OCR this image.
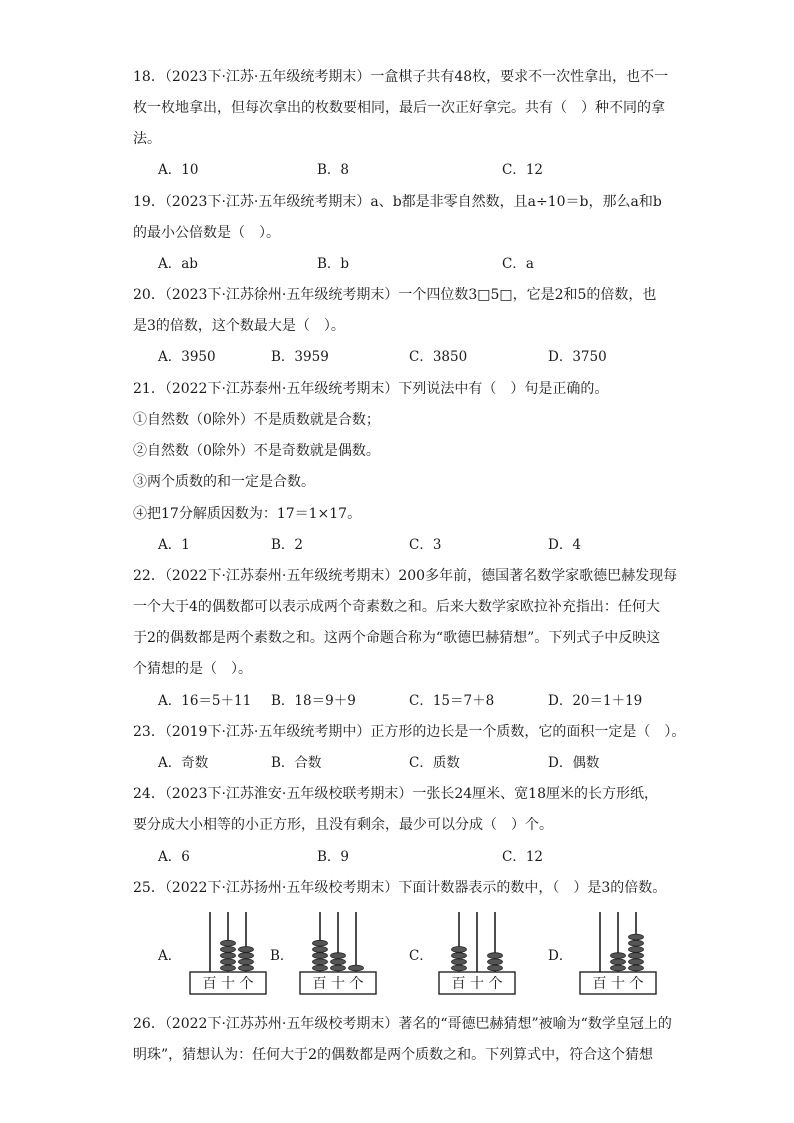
18．（2023下·江苏·五年级统考期末）一盒棋子共有48枚，要求不一次性拿出，也不一
枚一枚地拿出，但每次拿出的枚数要相同，最后一次正好拿完。共有（　）种不同的拿
法。
A．10	B．8	C．12
19．（2023下·江苏·五年级统考期末）a、b都是非零自然数，且a÷10＝b，那么a和b
的最小公倍数是（　）。
A．ab	B．b	C．a
20．（2023下·江苏徐州·五年级统考期末）一个四位数3□5□，它是2和5的倍数，也
是3的倍数，这个数最大是（　）。
A．3950	B．3959	C．3850	D．3750
21．（2022下·江苏泰州·五年级统考期末）下列说法中有（　）句是正确的。
①自然数（0除外）不是质数就是合数；
②自然数（0除外）不是奇数就是偶数。
③两个质数的和一定是合数。
④把17分解质因数为：17＝1×17。
A．1	B．2	C．3	D．4
22．（2022下·江苏泰州·五年级统考期末）200多年前，德国著名数学家歌德巴赫发现每
一个大于4的偶数都可以表示成两个奇素数之和。后来大数学家欧拉补充指出：任何大
于2的偶数都是两个素数之和。这两个命题合称为“歌德巴赫猜想”。下列式子中反映这
个猜想的是（　）。
A．16＝5＋11 B．18＝9＋9	C．15＝7＋8	D．20＝1＋19
23．（2019下·江苏·五年级统考期中）正方形的边长是一个质数，它的面积一定是（　）。
A．奇数	B．合数	C．质数	D．偶数
24．（2023下·江苏淮安·五年级校联考期末）一张长24厘米、宽18厘米的长方形纸，
要分成大小相等的小正方形，且没有剩余，最少可以分成（　）个。
A．6	B．9	C．12
25．（2022下·江苏扬州·五年级校考期末）下面计数器表示的数中，（　）是3的倍数。
A．
百 十 个
B．
百 十 个
C．
百 十 个
D．
百 十 个
26．（2022下·江苏苏州·五年级校考期末）著名的“哥德巴赫猜想”被喻为“数学皇冠上的
明珠”，猜想认为：任何大于2的偶数都是两个质数之和。下列算式中，符合这个猜想
